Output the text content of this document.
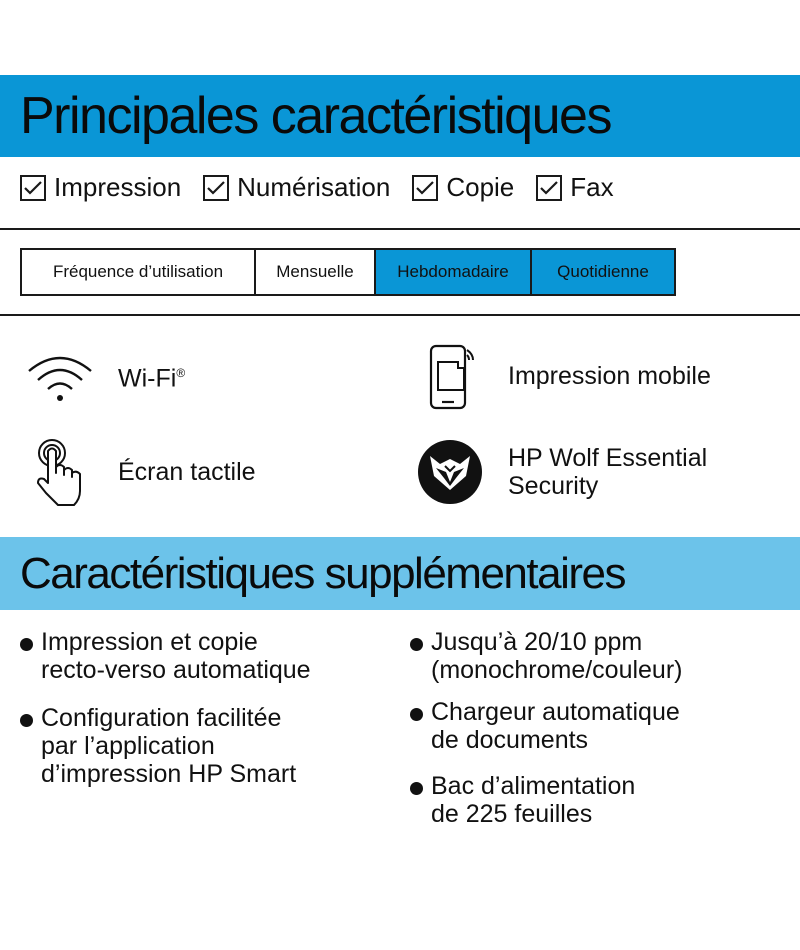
Principales caractéristiques
Impression Numérisation Copie Fax
Fréquence d’utilisation	Mensuelle	Hebdomadaire	Quotidienne
Wi-Fi®	Impression mobile
Écran tactile	HP Wolf Essential
Security
Caractéristiques supplémentaires
Impression et copie
recto-verso automatique
Configuration facilitée
par l’application
d’impression HP Smart
Jusqu’à 20/10 ppm
(monochrome/couleur)
Chargeur automatique
de documents
Bac d’alimentation
de 225 feuilles
